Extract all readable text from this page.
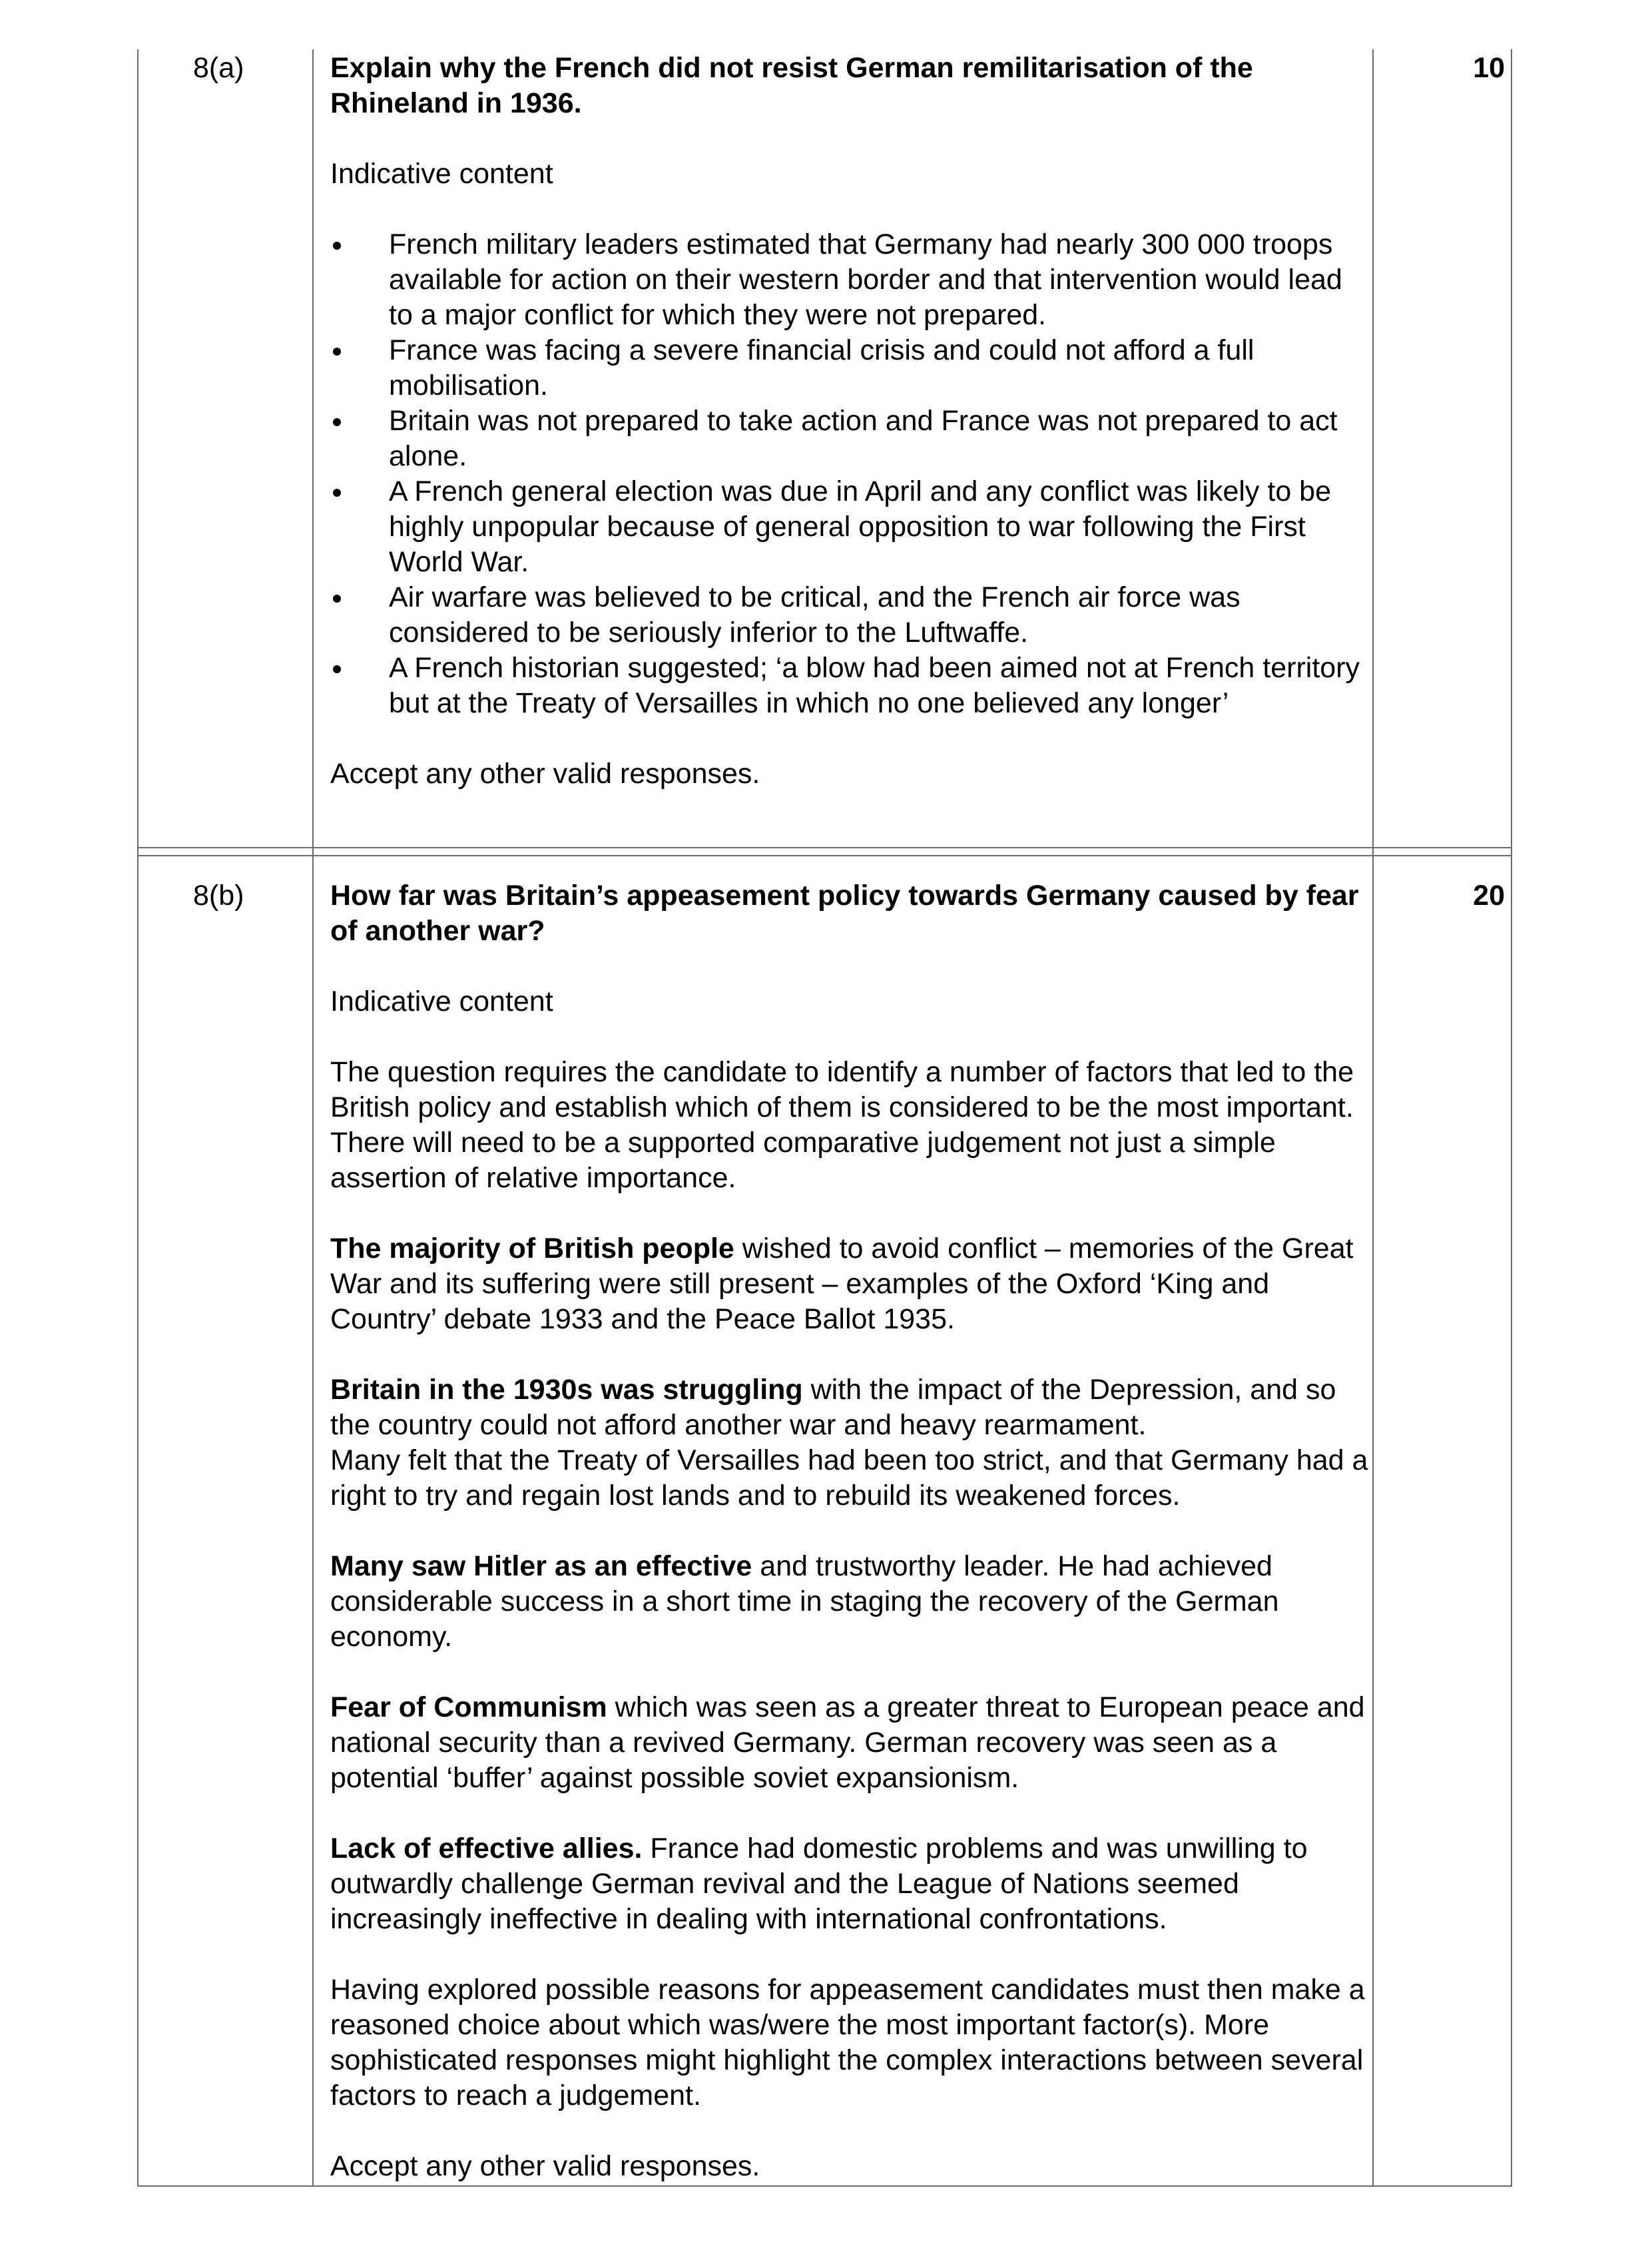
8(a)	10
Explain why the French did not resist German remilitarisation of the Rhineland in 1936.
Indicative content
French military leaders estimated that Germany had nearly 300 000 troops available for action on their western border and that intervention would lead to a major conflict for which they were not prepared.
France was facing a severe financial crisis and could not afford a full mobilisation.
Britain was not prepared to take action and France was not prepared to act alone.
A French general election was due in April and any conflict was likely to be highly unpopular because of general opposition to war following the First World War.
Air warfare was believed to be critical, and the French air force was considered to be seriously inferior to the Luftwaffe.
A French historian suggested; ‘a blow had been aimed not at French territory but at the Treaty of Versailles in which no one believed any longer’

Accept any other valid responses.

8(b)	20
How far was Britain’s appeasement policy towards Germany caused by fear of another war?
Indicative content

The question requires the candidate to identify a number of factors that led to the British policy and establish which of them is considered to be the most important. There will need to be a supported comparative judgement not just a simple assertion of relative importance.

The majority of British people wished to avoid conflict – memories of the Great War and its suffering were still present – examples of the Oxford ‘King and Country’ debate 1933 and the Peace Ballot 1935.

Britain in the 1930s was struggling with the impact of the Depression, and so the country could not afford another war and heavy rearmament.
Many felt that the Treaty of Versailles had been too strict, and that Germany had a right to try and regain lost lands and to rebuild its weakened forces.

Many saw Hitler as an effective and trustworthy leader. He had achieved considerable success in a short time in staging the recovery of the German economy.

Fear of Communism which was seen as a greater threat to European peace and national security than a revived Germany. German recovery was seen as a potential ‘buffer’ against possible soviet expansionism.

Lack of effective allies. France had domestic problems and was unwilling to outwardly challenge German revival and the League of Nations seemed increasingly ineffective in dealing with international confrontations.

Having explored possible reasons for appeasement candidates must then make a reasoned choice about which was/were the most important factor(s). More sophisticated responses might highlight the complex interactions between several factors to reach a judgement.

Accept any other valid responses.
